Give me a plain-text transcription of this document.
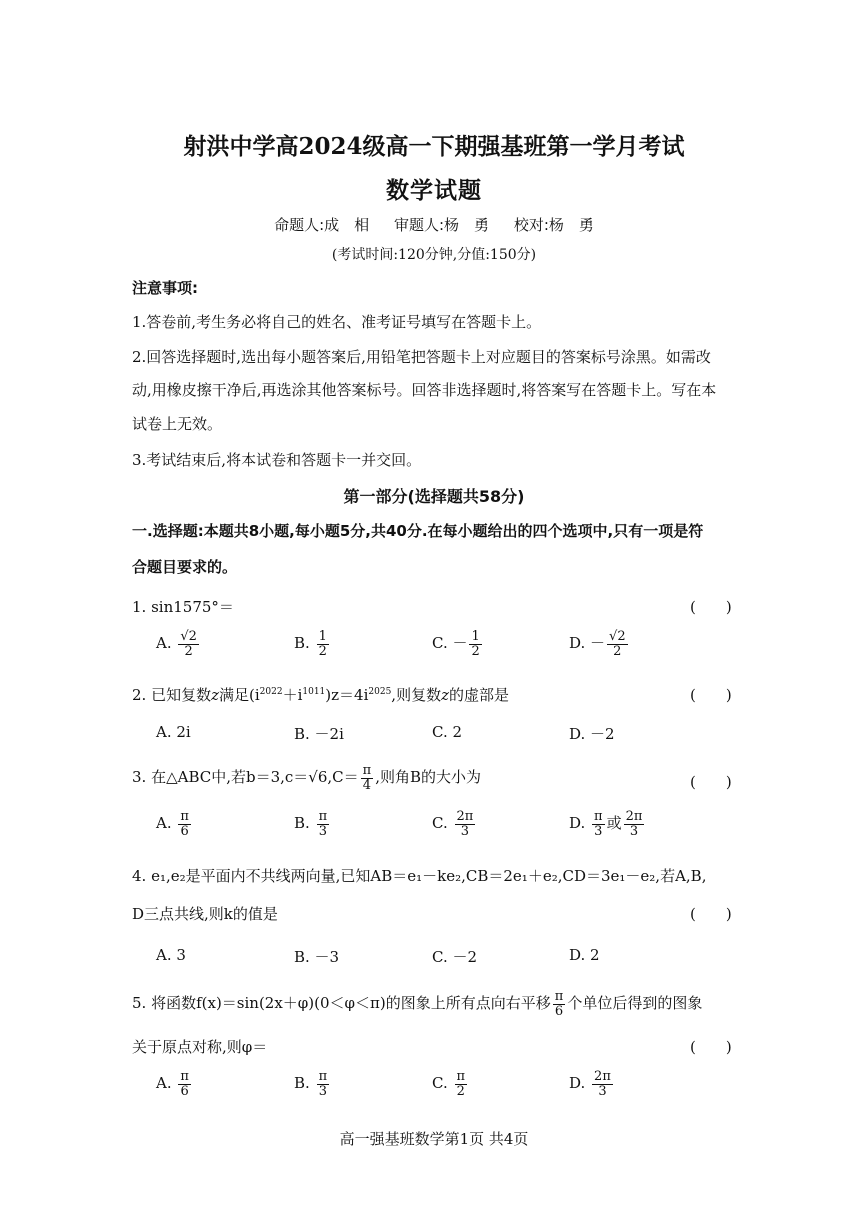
射洪中学高2024级高一下期强基班第一学月考试
数学试题
命题人:成　相 审题人:杨　勇 校对:杨　勇
(考试时间:120分钟,分值:150分)
注意事项:
1.答卷前,考生务必将自己的姓名、准考证号填写在答题卡上。
2.回答选择题时,选出每小题答案后,用铅笔把答题卡上对应题目的答案标号涂黑。如需改
动,用橡皮擦干净后,再选涂其他答案标号。回答非选择题时,将答案写在答题卡上。写在本
试卷上无效。
3.考试结束后,将本试卷和答题卡一并交回。
第一部分(选择题共58分)
一.选择题:本题共8小题,每小题5分,共40分.在每小题给出的四个选项中,只有一项是符
合题目要求的。
1. sin1575°＝	(　　)
A. $\frac{√2}{2}$	B. $\frac{1}{2}$	C. － $\frac{1}{2}$	D. － $\frac{√2}{2}$
2. 已知复数z满足$(i^{2022}+i^{1011})z=4i^{2025}$,则复数z的虚部是	(　　)
A. 2i	B. －2i	C. 2	D. －2
3. 在△ABC中,若$b=3,c=√6,C= \frac{\pi}{4}$ ,则角B的大小为	(　　)
A. $\frac{\pi}{6}$	B. $\frac{\pi}{3}$	C. $\frac{2\pi}{3}$	D. $\frac{\pi}{3}$ 或 $\frac{2\pi}{3}$
4. e₁,e₂是平面内不共线两向量,已知AB＝e₁－ke₂,CB＝2e₁＋e₂,CD＝3e₁－e₂,若A,B,
D三点共线,则k的值是	(　　)
A. 3	B. －3	C. －2	D. 2
5. 将函数f(x)＝sin(2x＋φ)(0＜φ＜π)的图象上所有点向右平移 $\frac{\pi}{6}$ 个单位后得到的图象
关于原点对称,则φ＝	(　　)
A. $\frac{\pi}{6}$	B. $\frac{\pi}{3}$	C. $\frac{\pi}{2}$	D. $\frac{2\pi}{3}$
高一强基班数学第1页 共4页
